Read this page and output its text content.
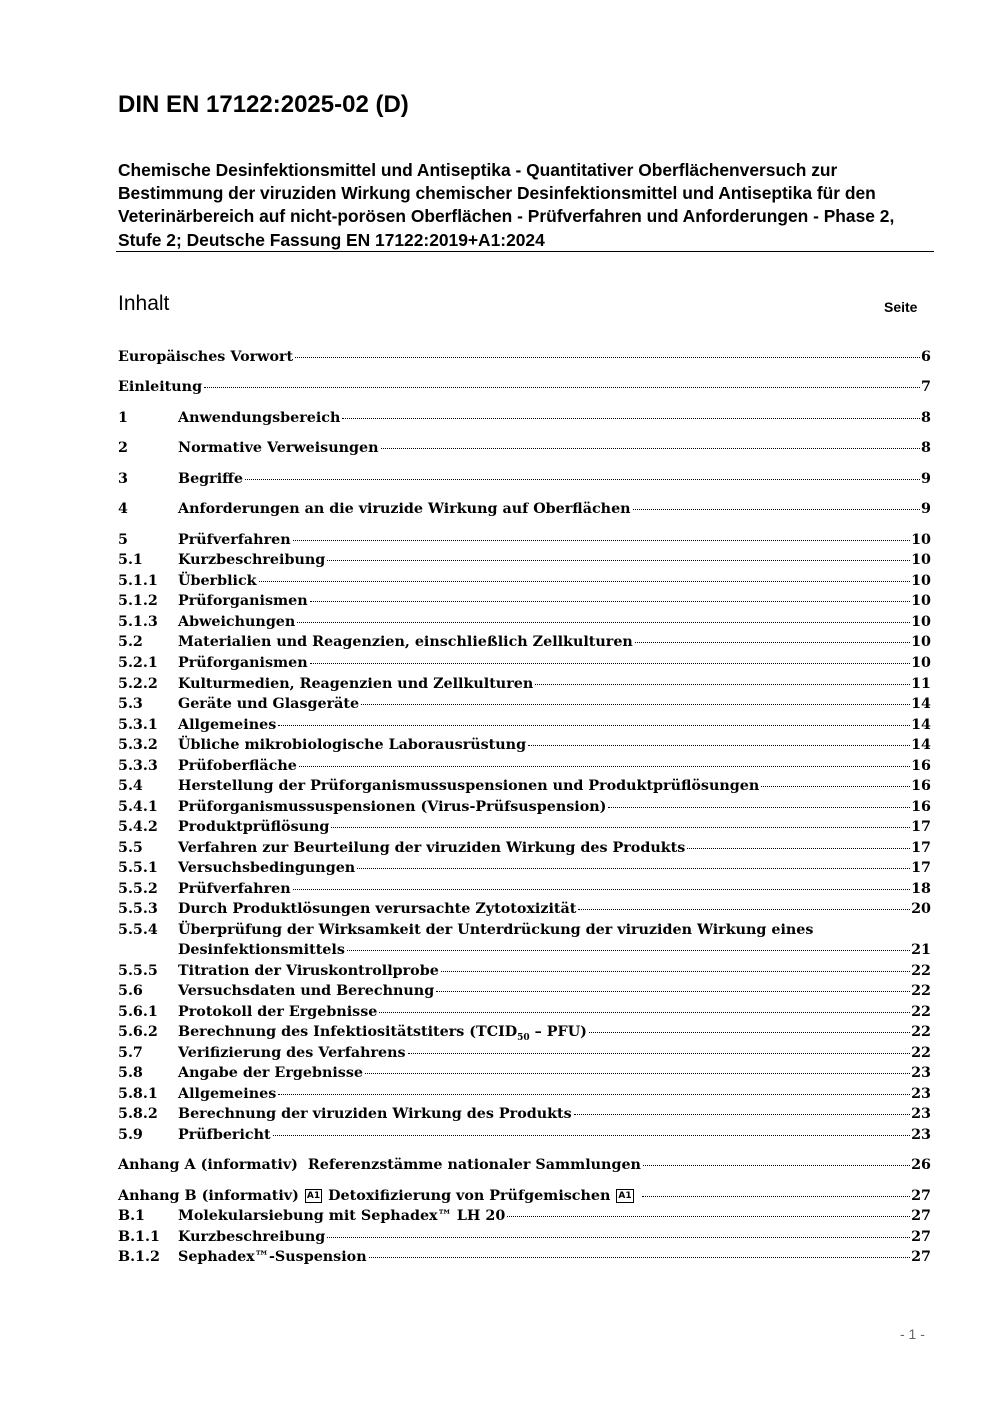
DIN EN 17122:2025-02 (D)
Chemische Desinfektionsmittel und Antiseptika - Quantitativer Oberflächenversuch zur Bestimmung der viruziden Wirkung chemischer Desinfektionsmittel und Antiseptika für den Veterinärbereich auf nicht-porösen Oberflächen - Prüfverfahren und Anforderungen - Phase 2, Stufe 2; Deutsche Fassung EN 17122:2019+A1:2024
Inhalt	Seite
Europäisches Vorwort	6
Einleitung	7
1	Anwendungsbereich	8
2	Normative Verweisungen	8
3	Begriffe	9
4	Anforderungen an die viruzide Wirkung auf Oberflächen	9
5	Prüfverfahren	10
5.1 Kurzbeschreibung	10
5.1.1 Überblick	10
5.1.2 Prüforganismen	10
5.1.3 Abweichungen	10
5.2 Materialien und Reagenzien, einschließlich Zellkulturen	10
5.2.1 Prüforganismen	10
5.2.2 Kulturmedien, Reagenzien und Zellkulturen	11
5.3 Geräte und Glasgeräte	14
5.3.1 Allgemeines	14
5.3.2 Übliche mikrobiologische Laborausrüstung	14
5.3.3 Prüfoberfläche	16
5.4 Herstellung der Prüforganismussuspensionen und Produktprüflösungen	16
5.4.1 Prüforganismussuspensionen (Virus-Prüfsuspension)	16
5.4.2 Produktprüflösung	17
5.5 Verfahren zur Beurteilung der viruziden Wirkung des Produkts	17
5.5.1 Versuchsbedingungen	17
5.5.2 Prüfverfahren	18
5.5.3 Durch Produktlösungen verursachte Zytotoxizität	20
5.5.4 Überprüfung der Wirksamkeit der Unterdrückung der viruziden Wirkung eines
Desinfektionsmittels	21
5.5.5 Titration der Viruskontrollprobe	22
5.6 Versuchsdaten und Berechnung	22
5.6.1 Protokoll der Ergebnisse	22
5.6.2 Berechnung des Infektiositätstiters $(TCID_{50} - PFU)$	22
5.7 Verifizierung des Verfahrens	22
5.8 Angabe der Ergebnisse	23
5.8.1 Allgemeines	23
5.8.2 Berechnung der viruziden Wirkung des Produkts	23
5.9 Prüfbericht	23
Anhang A (informativ)  Referenzstämme nationaler Sammlungen	26
Anhang B (informativ) A1 Detoxifizierung von Prüfgemischen A1	27
B.1 Molekularsiebung mit Sephadex™ LH 20	27
B.1.1 Kurzbeschreibung	27
B.1.2 Sephadex™-Suspension	27
- 1 -
